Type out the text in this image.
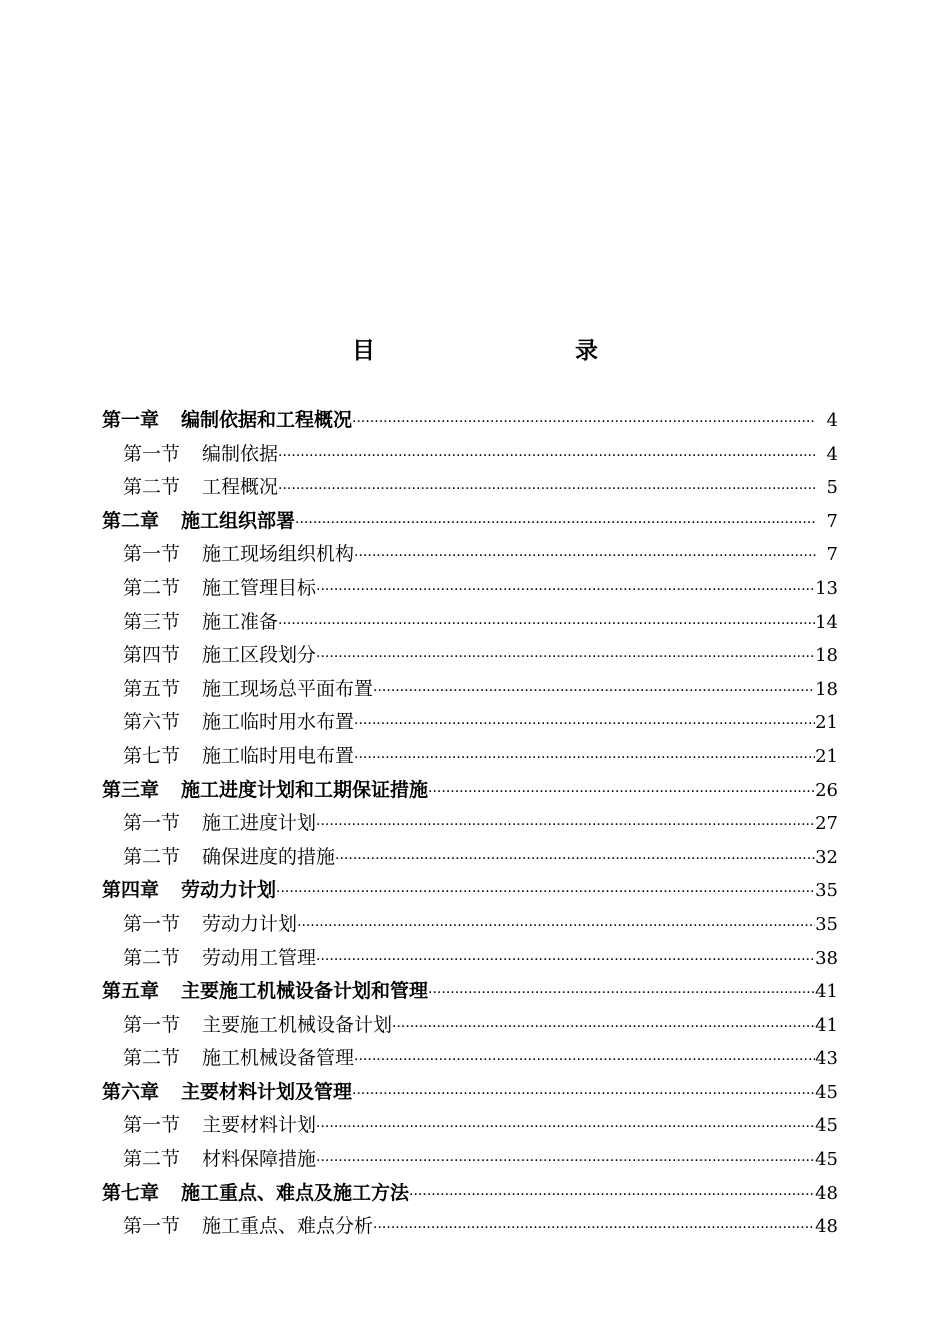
目 录
第一章 编制依据和工程概况 ·····	4
第一节 编制依据 ·····	4
第二节 工程概况 ·····	5
第二章 施工组织部署 ·····	7
第一节 施工现场组织机构 ·····	7
第二节 施工管理目标 ·····	13
第三节 施工准备 ·····	14
第四节 施工区段划分 ·····	18
第五节 施工现场总平面布置 ·····	18
第六节 施工临时用水布置 ·····	21
第七节 施工临时用电布置 ·····	21
第三章 施工进度计划和工期保证措施 ·····	26
第一节 施工进度计划 ·····	27
第二节 确保进度的措施 ·····	32
第四章 劳动力计划 ·····	35
第一节 劳动力计划 ·····	35
第二节 劳动用工管理 ·····	38
第五章 主要施工机械设备计划和管理 ·····	41
第一节 主要施工机械设备计划 ·····	41
第二节 施工机械设备管理 ·····	43
第六章 主要材料计划及管理 ·····	45
第一节 主要材料计划 ·····	45
第二节 材料保障措施 ·····	45
第七章 施工重点、难点及施工方法 ·····	48
第一节 施工重点、难点分析 ·····	48
